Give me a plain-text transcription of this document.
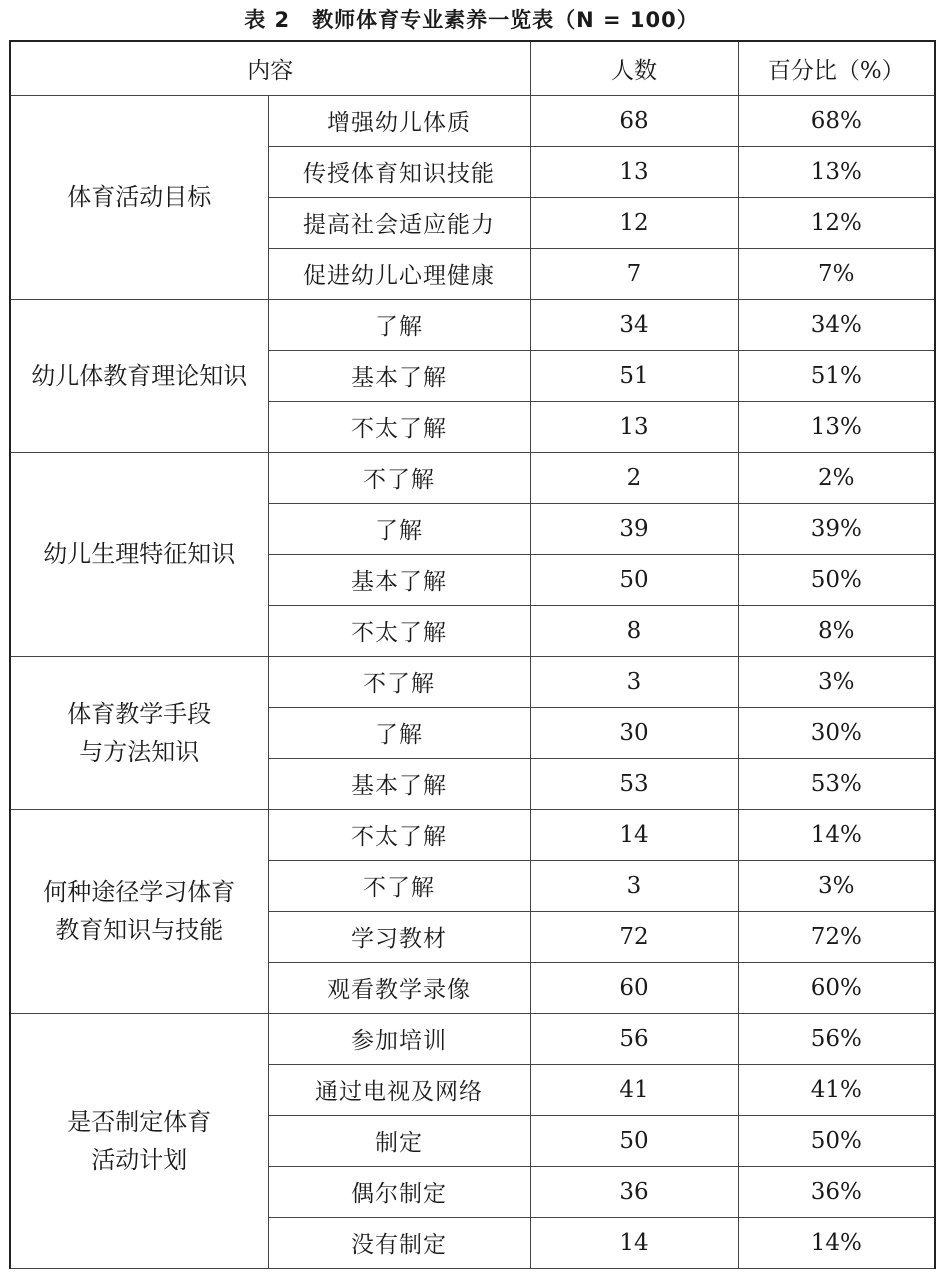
表 2 教师体育专业素养一览表（N = 100）
内容		人数	百分比（%）

体育活动目标	增强幼儿体质	68	68%
	传授体育知识技能	13	13%
	提高社会适应能力	12	12%
	促进幼儿心理健康	7	7%

幼儿体教育理论知识	了解	34	34%
	基本了解	51	51%
	不太了解	13	13%

幼儿生理特征知识	不了解	2	2%
	了解	39	39%
	基本了解	50	50%
	不太了解	8	8%

体育教学手段
与方法知识	不了解	3	3%
	了解	30	30%
	基本了解	53	53%

何种途径学习体育
教育知识与技能	不太了解	14	14%
	不了解	3	3%
	学习教材	72	72%
	观看教学录像	60	60%

是否制定体育
活动计划	参加培训	56	56%
	通过电视及网络	41	41%
	制定	50	50%
	偶尔制定	36	36%
	没有制定	14	14%
